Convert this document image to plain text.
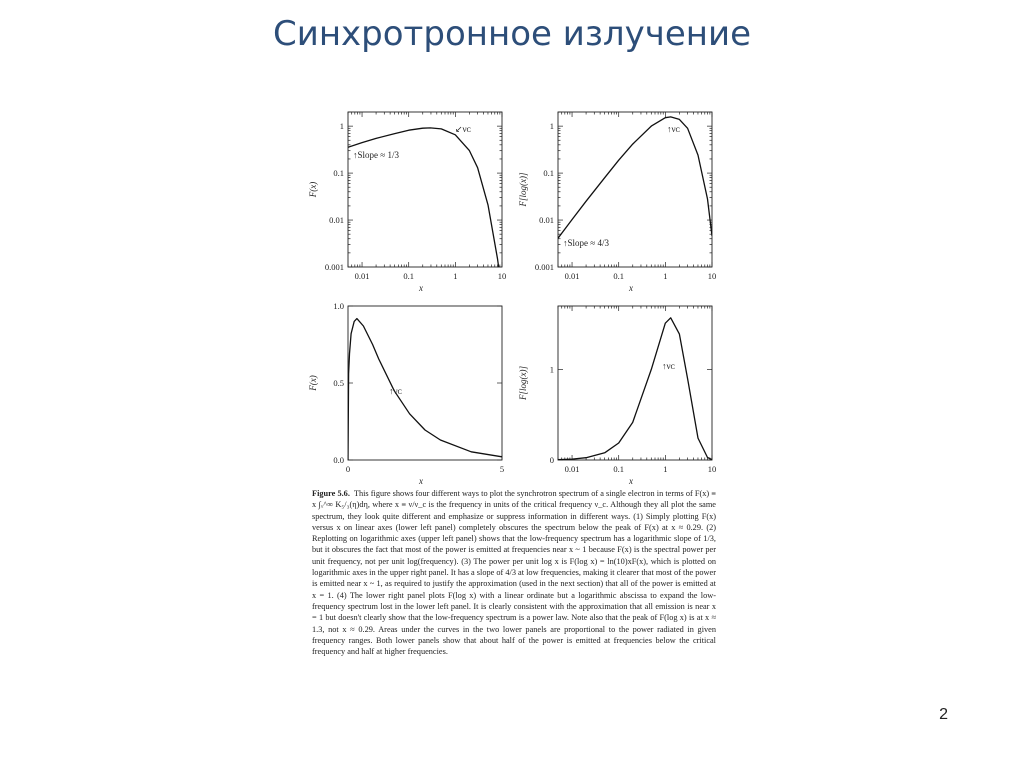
Синхротронное излучение
0.01	0.1	1	10
0.001
0.01
0.1
1
x
F(x)
↙νᴄ
↑Slope ≈ 1/3
0.01	0.1	1	10
0.001
0.01
0.1
1
x
F[log(x)]
↑νᴄ
↑Slope ≈ 4/3
0	5
0.0
0.5
1.0
x
F(x)
↑νᴄ
0.01	0.1	1	10
0
1
x
F[log(x)]	↑νᴄ
Figure 5.6. This figure shows four different ways to plot the synchrotron spectrum of a single electron in terms of F(x) ≡ x ∫ₓ^∞ K₅/₃(η)dη, where x ≡ ν/ν_c is the frequency in units of the critical frequency ν_c. Although they all plot the same spectrum, they look quite different and emphasize or suppress information in different ways. (1) Simply plotting F(x) versus x on linear axes (lower left panel) completely obscures the spectrum below the peak of F(x) at x ≈ 0.29. (2) Replotting on logarithmic axes (upper left panel) shows that the low-frequency spectrum has a logarithmic slope of 1/3, but it obscures the fact that most of the power is emitted at frequencies near x ~ 1 because F(x) is the spectral power per unit frequency, not per unit log(frequency). (3) The power per unit log x is F(log x) = ln(10)xF(x), which is plotted on logarithmic axes in the upper right panel. It has a slope of 4/3 at low frequencies, making it clearer that most of the power is emitted near x ~ 1, as required to justify the approximation (used in the next section) that all of the power is emitted at x = 1. (4) The lower right panel plots F(log x) with a linear ordinate but a logarithmic abscissa to expand the low-frequency spectrum lost in the lower left panel. It is clearly consistent with the approximation that all emission is near x = 1 but doesn't clearly show that the low-frequency spectrum is a power law. Note also that the peak of F(log x) is at x ≈ 1.3, not x ≈ 0.29. Areas under the curves in the two lower panels are proportional to the power radiated in given frequency ranges. Both lower panels show that about half of the power is emitted at frequencies below the critical frequency and half at higher frequencies.
2
